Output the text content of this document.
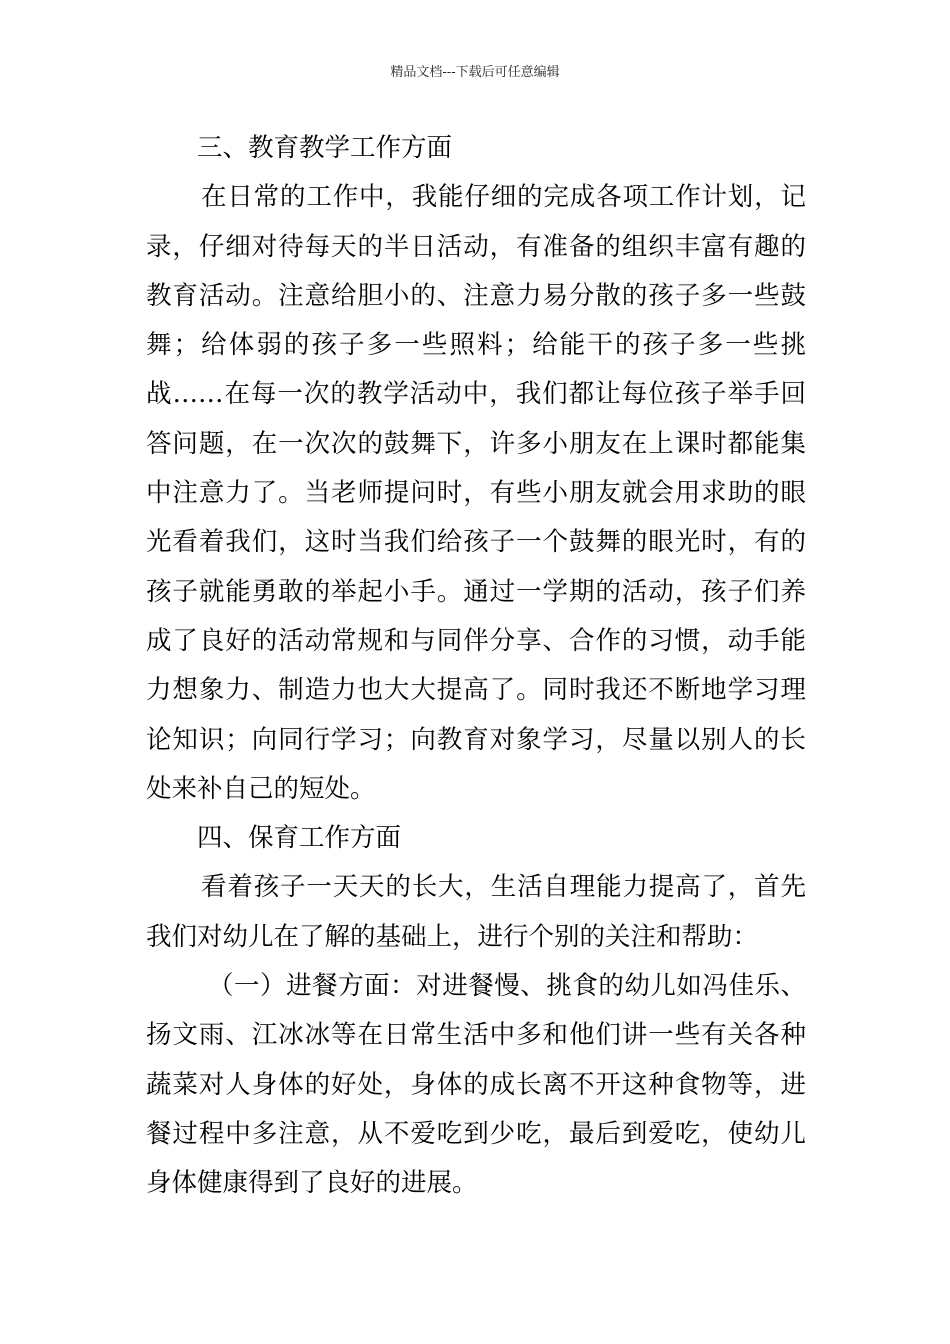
精品文档---下载后可任意编辑

三、教育教学工作方面

在日常的工作中，我能仔细的完成各项工作计划，记录，仔细对待每天的半日活动，有准备的组织丰富有趣的教育活动。注意给胆小的、注意力易分散的孩子多一些鼓舞；给体弱的孩子多一些照料；给能干的孩子多一些挑战……在每一次的教学活动中，我们都让每位孩子举手回答问题，在一次次的鼓舞下，许多小朋友在上课时都能集中注意力了。当老师提问时，有些小朋友就会用求助的眼光看着我们，这时当我们给孩子一个鼓舞的眼光时，有的孩子就能勇敢的举起小手。通过一学期的活动，孩子们养成了良好的活动常规和与同伴分享、合作的习惯，动手能力想象力、制造力也大大提高了。同时我还不断地学习理论知识；向同行学习；向教育对象学习，尽量以别人的长处来补自己的短处。

四、保育工作方面

看着孩子一天天的长大，生活自理能力提高了，首先我们对幼儿在了解的基础上，进行个别的关注和帮助：

（一）进餐方面：对进餐慢、挑食的幼儿如冯佳乐、扬文雨、江冰冰等在日常生活中多和他们讲一些有关各种蔬菜对人身体的好处，身体的成长离不开这种食物等，进餐过程中多注意，从不爱吃到少吃，最后到爱吃，使幼儿身体健康得到了良好的进展。
